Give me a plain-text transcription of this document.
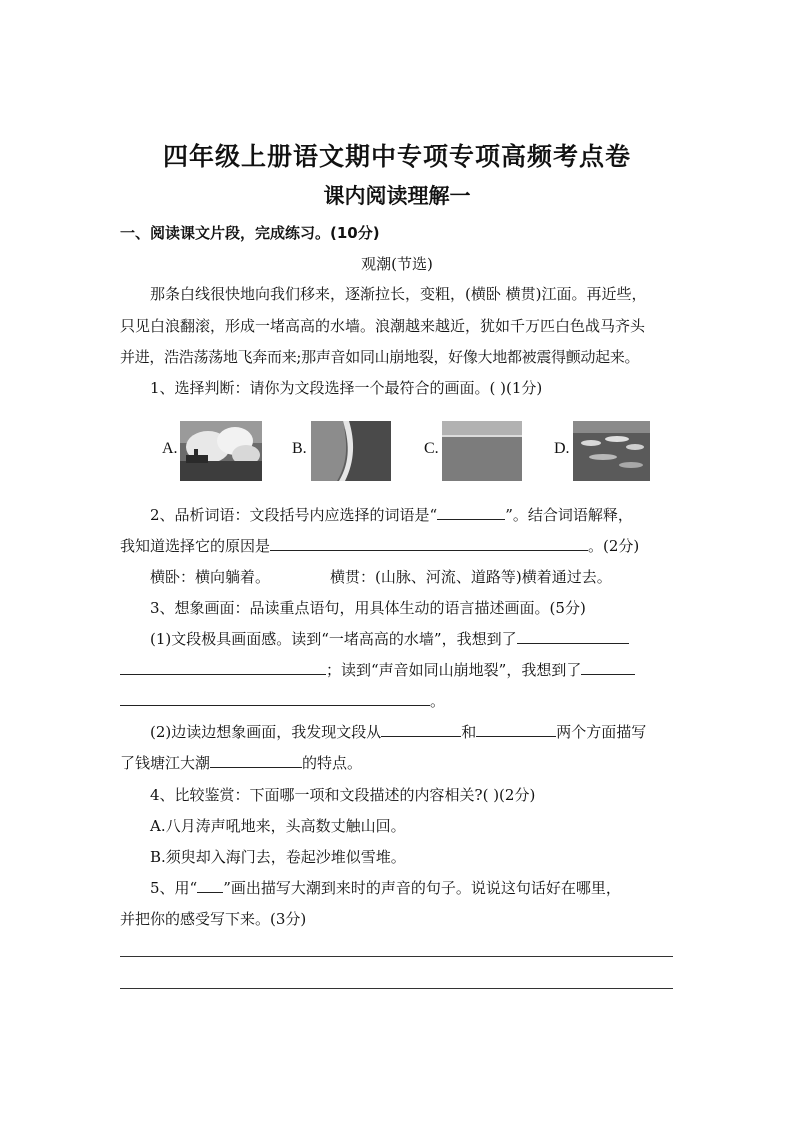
四年级上册语文期中专项专项高频考点卷
课内阅读理解一
一、阅读课文片段，完成练习。(10分)
观潮(节选)
那条白线很快地向我们移来，逐渐拉长，变粗，(横卧 横贯)江面。再近些，
只见白浪翻滚，形成一堵高高的水墙。浪潮越来越近，犹如千万匹白色战马齐头
并进，浩浩荡荡地飞奔而来;那声音如同山崩地裂，好像大地都被震得颤动起来。
1、选择判断：请你为文段选择一个最符合的画面。( )(1分)
A.	B.	C.	D.
2、品析词语：文段括号内应选择的词语是“	”。结合词语解释，
我知道选择它的原因是	。(2分)
横卧：横向躺着。	横贯：(山脉、河流、道路等)横着通过去。
3、想象画面：品读重点语句，用具体生动的语言描述画面。(5分)
(1)文段极具画面感。读到“一堵高高的水墙”，我想到了
；读到“声音如同山崩地裂”，我想到了
。
(2)边读边想象画面，我发现文段从	和	两个方面描写
了钱塘江大潮	的特点。
4、比较鉴赏：下面哪一项和文段描述的内容相关?( )(2分)
A.八月涛声吼地来，头高数丈触山回。
B.须臾却入海门去，卷起沙堆似雪堆。
5、用“ ”画出描写大潮到来时的声音的句子。说说这句话好在哪里，
并把你的感受写下来。(3分)
